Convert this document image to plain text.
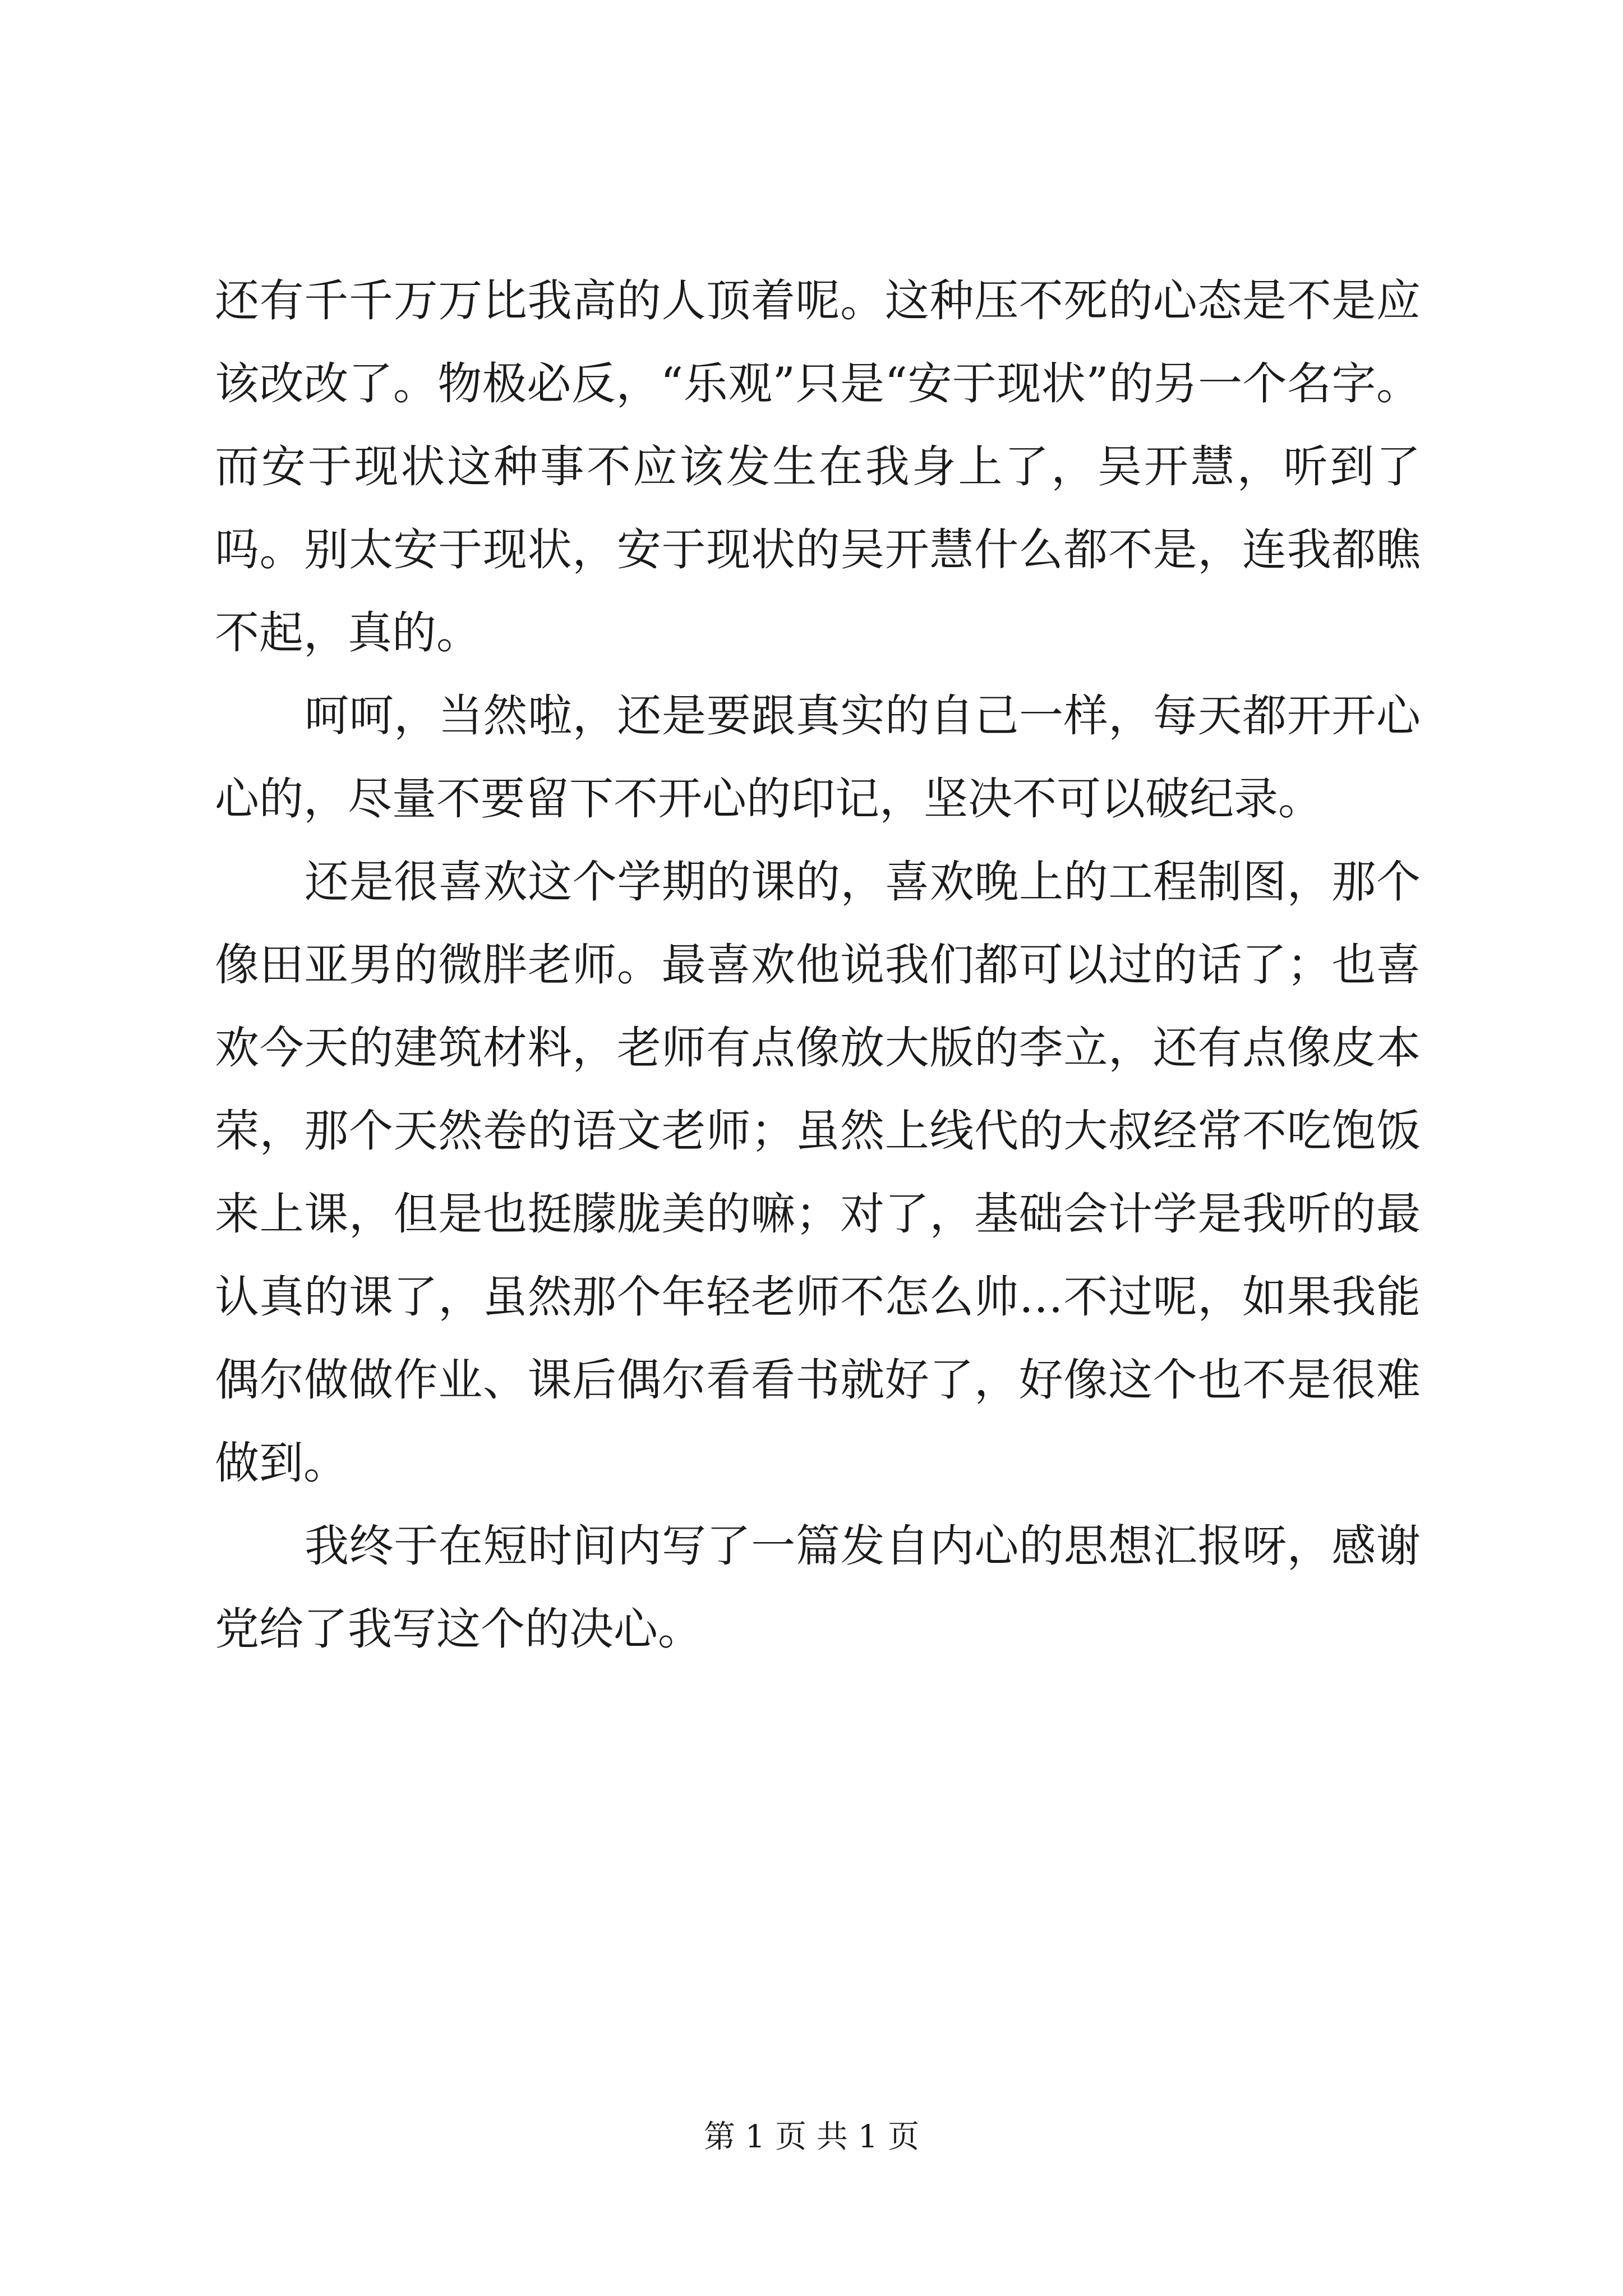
还有千千万万比我高的人顶着呢。这种压不死的心态是不是应该改改了。物极必反，“乐观”只是“安于现状”的另一个名字。而安于现状这种事不应该发生在我身上了，吴开慧，听到了吗。别太安于现状，安于现状的吴开慧什么都不是，连我都瞧不起，真的。

呵呵，当然啦，还是要跟真实的自己一样，每天都开开心心的，尽量不要留下不开心的印记，坚决不可以破纪录。

还是很喜欢这个学期的课的，喜欢晚上的工程制图，那个像田亚男的微胖老师。最喜欢他说我们都可以过的话了；也喜欢今天的建筑材料，老师有点像放大版的李立，还有点像皮本荣，那个天然卷的语文老师；虽然上线代的大叔经常不吃饱饭来上课，但是也挺朦胧美的嘛；对了，基础会计学是我听的最认真的课了，虽然那个年轻老师不怎么帅…不过呢，如果我能偶尔做做作业、课后偶尔看看书就好了，好像这个也不是很难做到。

我终于在短时间内写了一篇发自内心的思想汇报呀，感谢党给了我写这个的决心。

第 1 页 共 1 页
